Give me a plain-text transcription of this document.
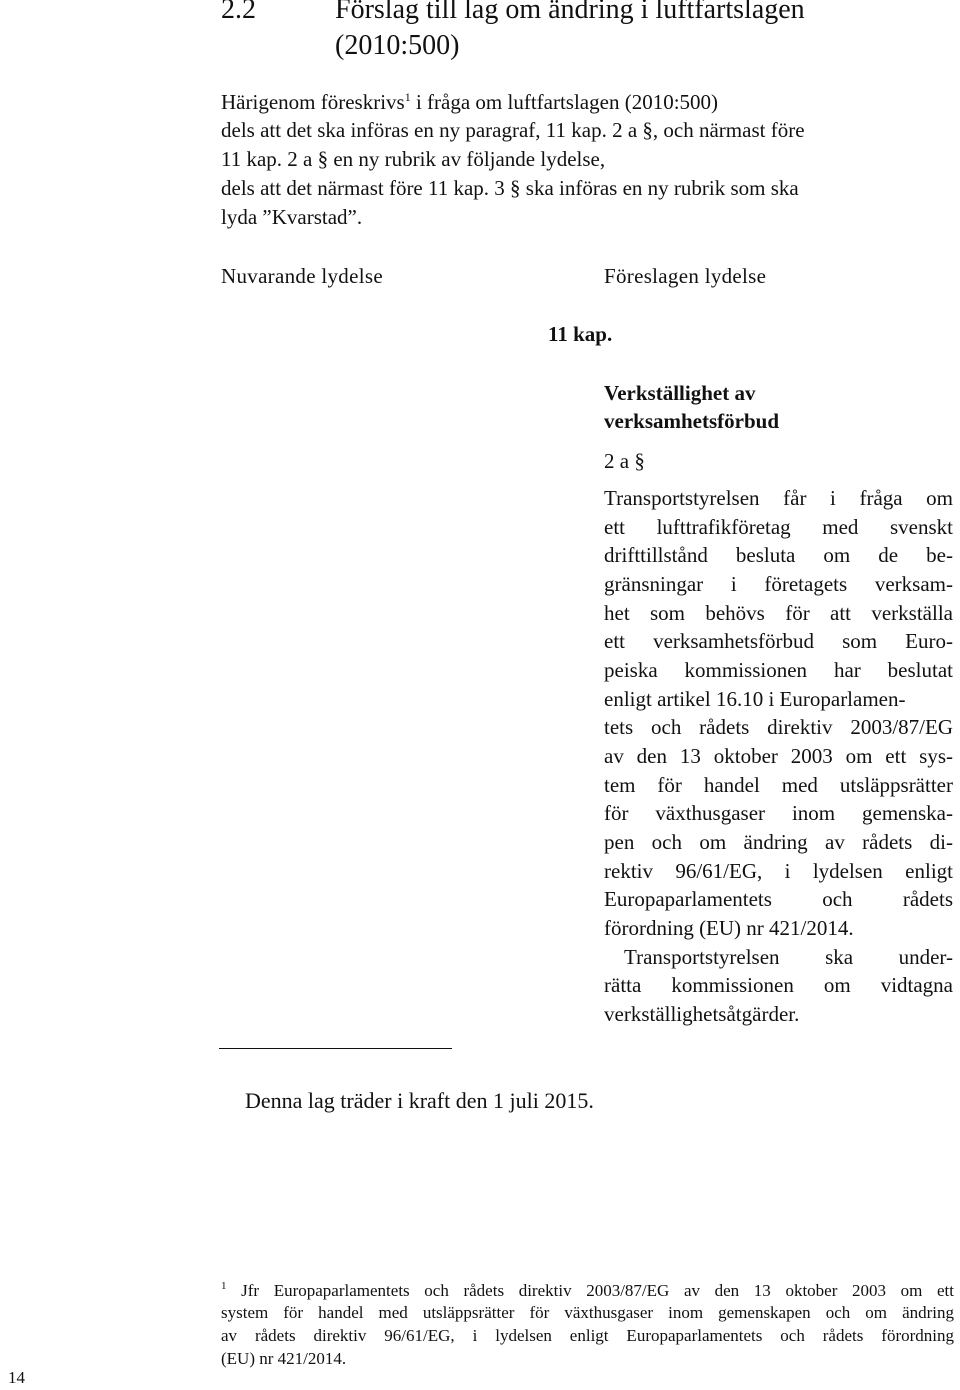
2.2	Förslag till lag om ändring i luftfartslagen
(2010:500)
Härigenom föreskrivs$^1$ i fråga om luftfartslagen (2010:500)
dels att det ska införas en ny paragraf, 11 kap. 2 a §, och närmast före
11 kap. 2 a § en ny rubrik av följande lydelse,
dels att det närmast före 11 kap. 3 § ska införas en ny rubrik som ska
lyda ”Kvarstad”.
Nuvarande lydelse	Föreslagen lydelse
11 kap.
Verkställighet av
verksamhetsförbud
2 a §
Transportstyrelsen får i fråga om
ett lufttrafikföretag med svenskt
drifttillstånd besluta om de be-
gränsningar i företagets verksam-
het som behövs för att verkställa
ett verksamhetsförbud som Euro-
peiska kommissionen har beslutat
enligt artikel 16.10 i Europarlamen-
tets och rådets direktiv 2003/87/EG
av den 13 oktober 2003 om ett sys-
tem för handel med utsläppsrätter
för växthusgaser inom gemenska-
pen och om ändring av rådets di-
rektiv 96/61/EG, i lydelsen enligt
Europaparlamentets och rådets
förordning (EU) nr 421/2014.
Transportstyrelsen ska under-
rätta kommissionen om vidtagna
verkställighetsåtgärder.
Denna lag träder i kraft den 1 juli 2015.
$^1$ Jfr Europaparlamentets och rådets direktiv 2003/87/EG av den 13 oktober 2003 om ett
system för handel med utsläppsrätter för växthusgaser inom gemenskapen och om ändring
av rådets direktiv 96/61/EG, i lydelsen enligt Europaparlamentets och rådets förordning
(EU) nr 421/2014.
14
